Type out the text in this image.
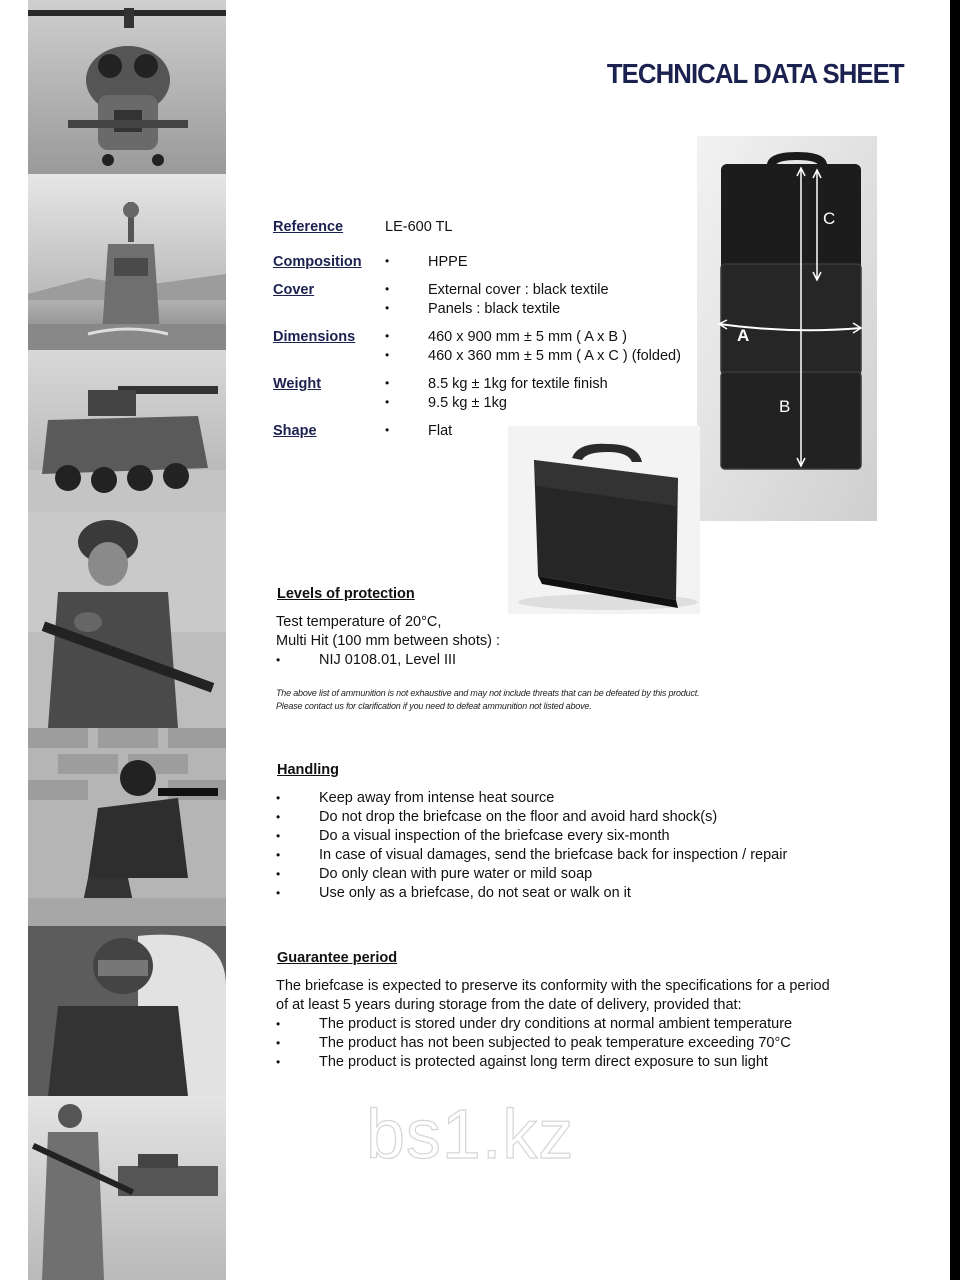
TECHNICAL DATA SHEET
Reference	LE-600 TL
Composition •	HPPE
Cover	•	External cover : black textile
•	Panels : black textile
Dimensions •	460 x 900 mm ± 5 mm ( A x B )
•	460 x 360 mm ± 5 mm ( A x C ) (folded)
Weight	•	8.5 kg ± 1kg for textile finish
•	9.5 kg ± 1kg
Shape	•	Flat
C
A
B
Levels of protection
Test temperature of 20°C,
Multi Hit (100 mm between shots) :
•	NIJ 0108.01, Level III
The above list of ammunition is not exhaustive and may not include threats that can be defeated by this product.
Please contact us for clarification if you need to defeat ammunition not listed above.
Handling
•	Keep away from intense heat source
•	Do not drop the briefcase on the floor and avoid hard shock(s)
•	Do a visual inspection of the briefcase every six-month
•	In case of visual damages, send the briefcase back for inspection / repair
•	Do only clean with pure water or mild soap
•	Use only as a briefcase, do not seat or walk on it
Guarantee period
The briefcase is expected to preserve its conformity with the specifications for a period
of at least 5 years during storage from the date of delivery, provided that:
•	The product is stored under dry conditions at normal ambient temperature
•	The product has not been subjected to peak temperature exceeding 70°C
•	The product is protected against long term direct exposure to sun light
bs1.kz
